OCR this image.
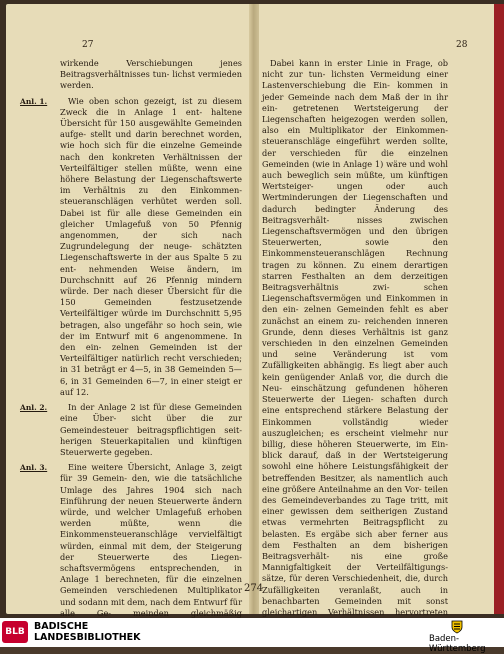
27	28

wirkende Verschiebungen jenes Beitragsverhältnisses tun- lichst vermieden werden.

Anl. 1.	Wie oben schon gezeigt, ist zu diesem Zweck die in Anlage 1 ent- haltene Übersicht für 150 ausgewählte Gemeinden aufge- stellt und darin berechnet worden, wie hoch sich für die einzelne Gemeinde nach den konkreten Verhältnissen der Verteilfältiger stellen müßte, wenn eine höhere Belastung der Liegenschaftswerte im Verhältnis zu den Einkommen- steueranschlägen verhütet werden soll. Dabei ist für alle diese Gemeinden ein gleicher Umlagefuß von 50 Pfennig angenommen, der sich nach Zugrundelegung der neuge- schätzten Liegenschaftswerte in der aus Spalte 5 zu ent- nehmenden Weise ändern, im Durchschnitt auf 26 Pfennig mindern würde. Der nach dieser Übersicht für die 150 Gemeinden festzusetzende Verteilfältiger würde im Durchschnitt 5,95 betragen, also ungefähr so hoch sein, wie der im Entwurf mit 6 angenommene. In den ein- zelnen Gemeinden ist der Verteilfältiger natürlich recht verschieden; in 31 beträgt er 4—5, in 38 Gemeinden 5—6, in 31 Gemeinden 6—7, in einer steigt er auf 12.

Anl. 2.	In der Anlage 2 ist für diese Gemeinden eine Über- sicht über die zur Gemeindesteuer beitragspflichtigen seit- herigen Steuerkapitalien und künftigen Steuerwerte gegeben.

Anl. 3.	Eine weitere Übersicht, Anlage 3, zeigt für 39 Gemein- den, wie die tatsächliche Umlage des Jahres 1904 sich nach Einführung der neuen Steuerwerte ändern würde, und welcher Umlagefuß erhoben werden müßte, wenn die Einkommensteueranschläge vervielfältigt würden, einmal mit dem, der Steigerung der Steuerwerte des Liegen- schaftsvermögens entsprechenden, in Anlage 1 berechneten, für die einzelnen Gemeinden verschiedenen Multiplikator und sodann mit dem, nach dem Entwurf für alle Ge- meinden gleichmäßig

Dabei kann in erster Linie in Frage, ob nicht zur tun- lichsten Vermeidung einer Lastenverschiebung die Ein- kommen in jeder Gemeinde nach dem Maß der in ihr ein- getretenen Wertsteigerung der Liegenschaften heigezogen werden sollen, also ein Multiplikator der Einkommen- steueranschläge eingeführt werden sollte, der verschieden für die einzelnen Gemeinden (wie in Anlage 1) wäre und wohl auch beweglich sein müßte, um künftigen Wertsteiger- ungen oder auch Wertminderungen der Liegenschaften und dadurch bedingter Änderung des Beitragsverhält- nisses zwischen Liegenschaftsvermögen und den übrigen Steuerwerten, sowie den Einkommensteueranschlägen Rechnung tragen zu können. Zu einem derartigen starren Festhalten an dem derzeitigen Beitragsverhältnis zwi- schen Liegenschaftsvermögen und Einkommen in den ein- zelnen Gemeinden fehlt es aber zunächst an einem zu- reichenden inneren Grunde, denn dieses Verhältnis ist ganz verschieden in den einzelnen Gemeinden und seine Veränderung ist vom Zufälligkeiten abhängig. Es liegt aber auch kein genügender Anlaß vor, die durch die Neu- einschätzung gefundenen höheren Steuerwerte der Liegen- schaften durch eine entsprechend stärkere Belastung der Einkommen vollständig wieder auszugleichen; es erscheint vielmehr nur billig, diese höheren Steuerwerte, im Ein- blick darauf, daß in der Wertsteigerung sowohl eine höhere Leistungsfähigkeit der betreffenden Besitzer, als namentlich auch eine größere Anteilnahme an den Vor- teilen des Gemeindeverbandes zu Tage tritt, mit einer gewissen dem seitherigen Zustand etwas vermehrten Beitragspflicht zu belasten. Es ergäbe sich aber ferner aus dem Festhalten an dem bisherigen Beitragsverhält- nis eine große Mannigfaltigkeit der Verteilfältigungs- sätze, für deren Verschiedenheit, die, durch Zufälligkeiten veranlaßt, auch in benachbarten Gemeinden mit sonst gleichartigen Verhältnissen hervortreten

274
BLB BADISCHE
LANDESBIBLIOTHEK	Baden-Württemberg
